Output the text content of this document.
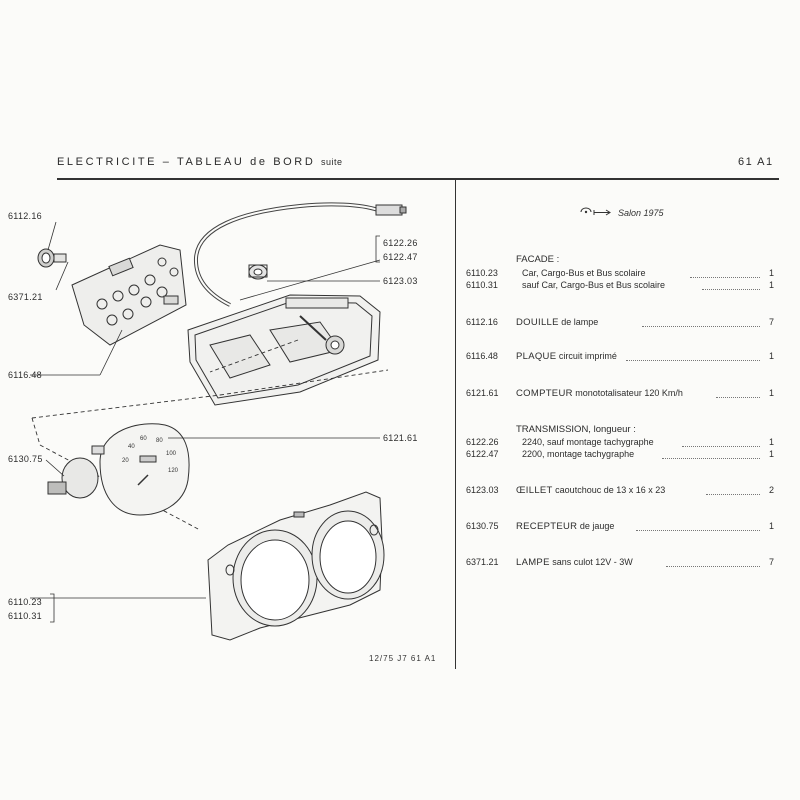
ELECTRICITE – TABLEAU de BORD suite	61 A1
Salon 1975
FACADE :
6110.23	Car, Cargo-Bus et Bus scolaire	1
6110.31	sauf Car, Cargo-Bus et Bus scolaire	1
6112.16 DOUILLE de lampe	7
6116.48 PLAQUE circuit imprimé	1
6121.61 COMPTEUR monototalisateur 120 Km/h	1
TRANSMISSION, longueur :
6122.26	2240, sauf montage tachygraphe	1
6122.47	2200, montage tachygraphe	1
6123.03 ŒILLET caoutchouc de 13 x 16 x 23	2
6130.75 RECEPTEUR de jauge	1
6371.21 LAMPE sans culot 12V - 3W	7
20
40
60 80
100
120
6112.16
6371.21
6116.48
6122.26
6122.47
6123.03
6121.61
6130.75
6110.23
6110.31
12/75 J7 61 A1
